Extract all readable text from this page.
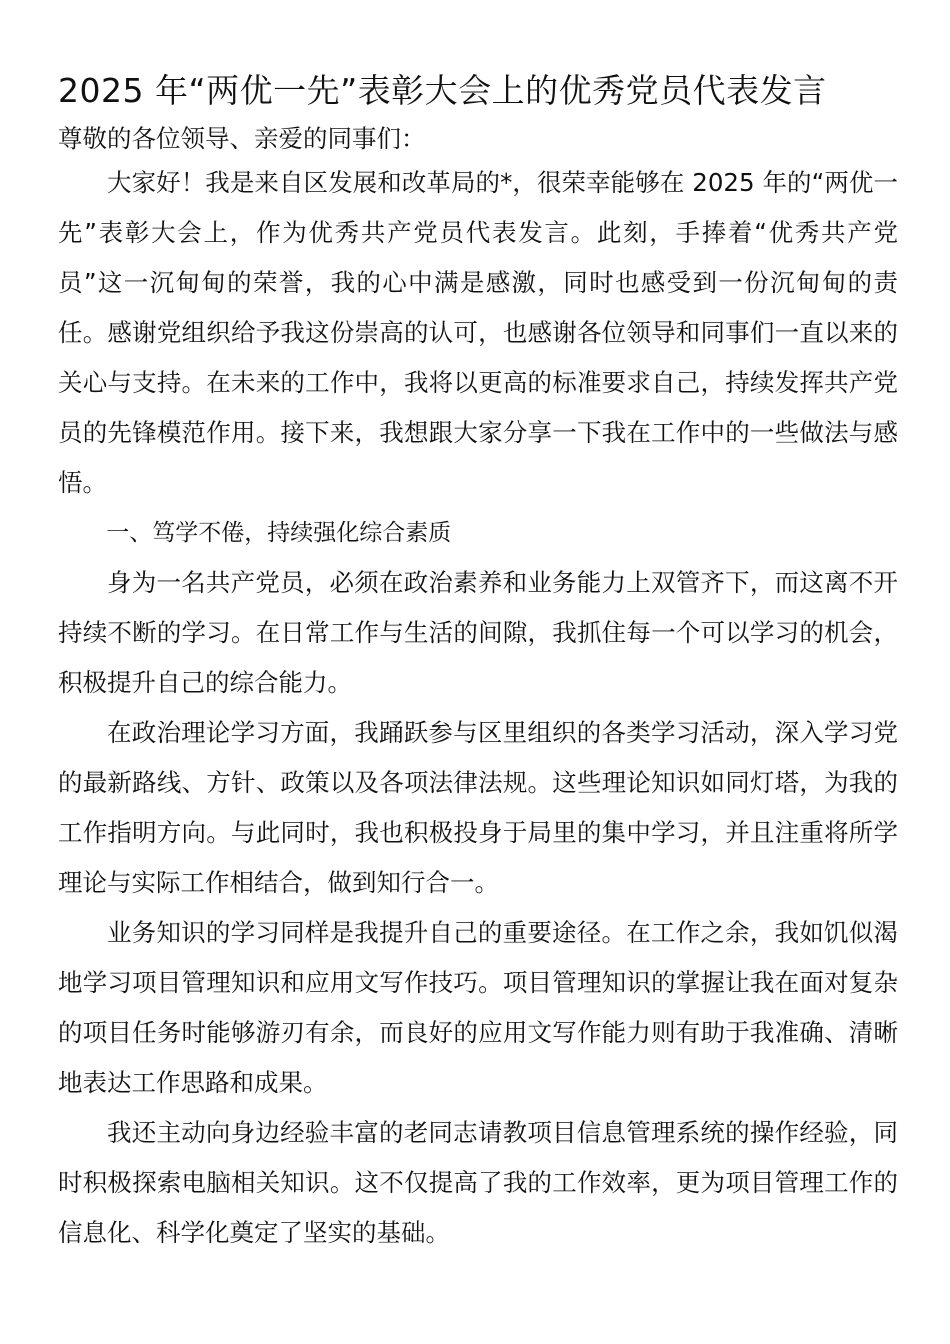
2025 年“两优一先”表彰大会上的优秀党员代表发言

尊敬的各位领导、亲爱的同事们：

大家好！我是来自区发展和改革局的*，很荣幸能够在 2025 年的“两优一先”表彰大会上，作为优秀共产党员代表发言。此刻，手捧着“优秀共产党员”这一沉甸甸的荣誉，我的心中满是感激，同时也感受到一份沉甸甸的责任。感谢党组织给予我这份崇高的认可，也感谢各位领导和同事们一直以来的关心与支持。在未来的工作中，我将以更高的标准要求自己，持续发挥共产党员的先锋模范作用。接下来，我想跟大家分享一下我在工作中的一些做法与感悟。

一、笃学不倦，持续强化综合素质

身为一名共产党员，必须在政治素养和业务能力上双管齐下，而这离不开持续不断的学习。在日常工作与生活的间隙，我抓住每一个可以学习的机会，积极提升自己的综合能力。

在政治理论学习方面，我踊跃参与区里组织的各类学习活动，深入学习党的最新路线、方针、政策以及各项法律法规。这些理论知识如同灯塔，为我的工作指明方向。与此同时，我也积极投身于局里的集中学习，并且注重将所学理论与实际工作相结合，做到知行合一。

业务知识的学习同样是我提升自己的重要途径。在工作之余，我如饥似渴地学习项目管理知识和应用文写作技巧。项目管理知识的掌握让我在面对复杂的项目任务时能够游刃有余，而良好的应用文写作能力则有助于我准确、清晰地表达工作思路和成果。

我还主动向身边经验丰富的老同志请教项目信息管理系统的操作经验，同时积极探索电脑相关知识。这不仅提高了我的工作效率，更为项目管理工作的信息化、科学化奠定了坚实的基础。
